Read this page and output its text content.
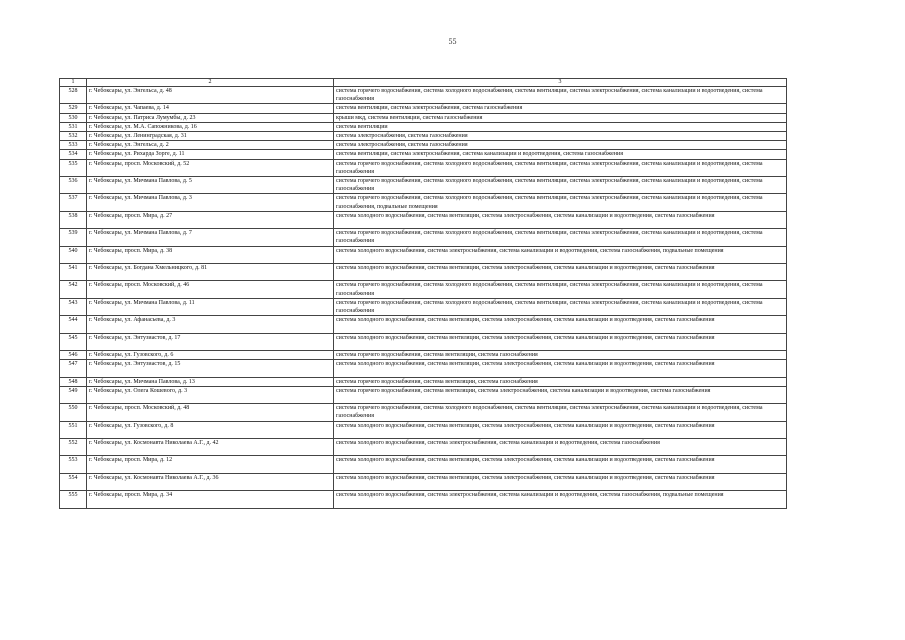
55
1	2	3
528	г. Чебоксары, ул. Энгельса, д. 48	система горячего водоснабжения, система холодного водоснабжения, система вентиляции, система электроснабжения, система канализации и водоотведения, система газоснабжения
529	г. Чебоксары, ул. Чапаева, д. 14	система вентиляции, система электроснабжения, система газоснабжения
530	г. Чебоксары, ул. Патриса Лумумбы, д. 23	крыши мкд, система вентиляции, система газоснабжения
531	г. Чебоксары, ул. М.А. Сапожникова, д. 16	система вентиляции
532	г. Чебоксары, ул. Ленинградская, д. 31	система электроснабжения, система газоснабжения
533	г. Чебоксары, ул. Энгельса, д. 2	система электроснабжения, система газоснабжения
534	г. Чебоксары, ул. Рихарда Зорге, д. 11	система вентиляции, система электроснабжения, система канализации и водоотведения, система газоснабжения
535	г. Чебоксары, просп. Московский, д. 52	система горячего водоснабжения, система холодного водоснабжения, система вентиляции, система электроснабжения, система канализации и водоотведения, система газоснабжения
536	г. Чебоксары, ул. Мичмана Павлова, д. 5	система горячего водоснабжения, система холодного водоснабжения, система вентиляции, система электроснабжения, система канализации и водоотведения, система газоснабжения
537	г. Чебоксары, ул. Мичмана Павлова, д. 3	система горячего водоснабжения, система холодного водоснабжения, система вентиляции, система электроснабжения, система канализации и водоотведения, система газоснабжения, подвальные помещения
538	г. Чебоксары, просп. Мира, д. 27	система холодного водоснабжения, система вентиляции, система электроснабжения, система канализации и водоотведения, система газоснабжения
539	г. Чебоксары, ул. Мичмана Павлова, д. 7	система горячего водоснабжения, система холодного водоснабжения, система вентиляции, система электроснабжения, система канализации и водоотведения, система газоснабжения
540	г. Чебоксары, просп. Мира, д. 38	система холодного водоснабжения, система электроснабжения, система канализации и водоотведения, система газоснабжения, подвальные помещения
541	г. Чебоксары, ул. Богдана Хмельницкого, д. 81	система холодного водоснабжения, система вентиляции, система электроснабжения, система канализации и водоотведения, система газоснабжения
542	г. Чебоксары, просп. Московский, д. 46	система горячего водоснабжения, система холодного водоснабжения, система вентиляции, система электроснабжения, система канализации и водоотведения, система газоснабжения
543	г. Чебоксары, ул. Мичмана Павлова, д. 11	система горячего водоснабжения, система холодного водоснабжения, система вентиляции, система электроснабжения, система канализации и водоотведения, система газоснабжения
544	г. Чебоксары, ул. Афанасьева, д. 3	система холодного водоснабжения, система вентиляции, система электроснабжения, система канализации и водоотведения, система газоснабжения
545	г. Чебоксары, ул. Энтузиастов, д. 17	система холодного водоснабжения, система вентиляции, система электроснабжения, система канализации и водоотведения, система газоснабжения
546	г. Чебоксары, ул. Гузовского, д. 6	система горячего водоснабжения, система вентиляции, система газоснабжения
547	г. Чебоксары, ул. Энтузиастов, д. 15	система холодного водоснабжения, система вентиляции, система электроснабжения, система канализации и водоотведения, система газоснабжения
548	г. Чебоксары, ул. Мичмана Павлова, д. 13	система горячего водоснабжения, система вентиляции, система газоснабжения
549	г. Чебоксары, ул. Олега Кошевого, д. 3	система горячего водоснабжения, система вентиляции, система электроснабжения, система канализации и водоотведения, система газоснабжения
550	г. Чебоксары, просп. Московский, д. 48	система горячего водоснабжения, система холодного водоснабжения, система вентиляции, система электроснабжения, система канализации и водоотведения, система газоснабжения
551	г. Чебоксары, ул. Гузовского, д. 8	система холодного водоснабжения, система вентиляции, система электроснабжения, система канализации и водоотведения, система газоснабжения
552	г. Чебоксары, ул. Космонавта Николаева А.Г., д. 42	система холодного водоснабжения, система электроснабжения, система канализации и водоотведения, система газоснабжения
553	г. Чебоксары, просп. Мира, д. 12	система холодного водоснабжения, система вентиляции, система электроснабжения, система канализации и водоотведения, система газоснабжения
554	г. Чебоксары, ул. Космонавта Николаева А.Г., д. 36	система холодного водоснабжения, система вентиляции, система электроснабжения, система канализации и водоотведения, система газоснабжения
555	г. Чебоксары, просп. Мира, д. 34	система холодного водоснабжения, система электроснабжения, система канализации и водоотведения, система газоснабжения, подвальные помещения
